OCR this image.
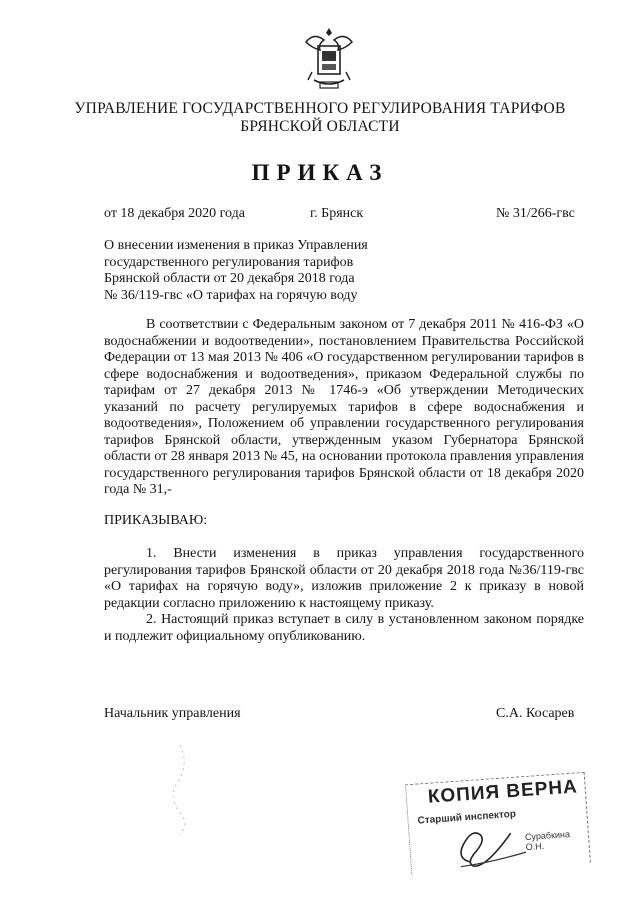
УПРАВЛЕНИЕ ГОСУДАРСТВЕННОГО РЕГУЛИРОВАНИЯ ТАРИФОВ
БРЯНСКОЙ ОБЛАСТИ
ПРИКАЗ
от 18 декабря 2020 года	г. Брянск	№ 31/266-гвс
О внесении изменения в приказ Управления
государственного регулирования тарифов
Брянской области от 20 декабря 2018 года
№ 36/119-гвс «О тарифах на горячую воду

В соответствии с Федеральным законом от 7 декабря 2011 № 416-ФЗ «О водоснабжении и водоотведении», постановлением Правительства Российской Федерации от 13 мая 2013 № 406 «О государственном регулировании тарифов в сфере водоснабжения и водоотведения», приказом Федеральной службы по тарифам от 27 декабря 2013 № 1746-э «Об утверждении Методических указаний по расчету регулируемых тарифов в сфере водоснабжения и водоотведения», Положением об управлении государственного регулирования тарифов Брянской области, утвержденным указом Губернатора Брянской области от 28 января 2013 № 45, на основании протокола правления управления государственного регулирования тарифов Брянской области от 18 декабря 2020 года № 31,-

ПРИКАЗЫВАЮ:

1. Внести изменения в приказ управления государственного регулирования тарифов Брянской области от 20 декабря 2018 года №36/119-гвс «О тарифах на горячую воду», изложив приложение 2 к приказу в новой редакции согласно приложению к настоящему приказу.

2. Настоящий приказ вступает в силу в установленном законом порядке и подлежит официальному опубликованию.

Начальник управления	С.А. Косарев
КОПИЯ ВЕРНА
Старший инспектор
Сурабкина О.Н.
